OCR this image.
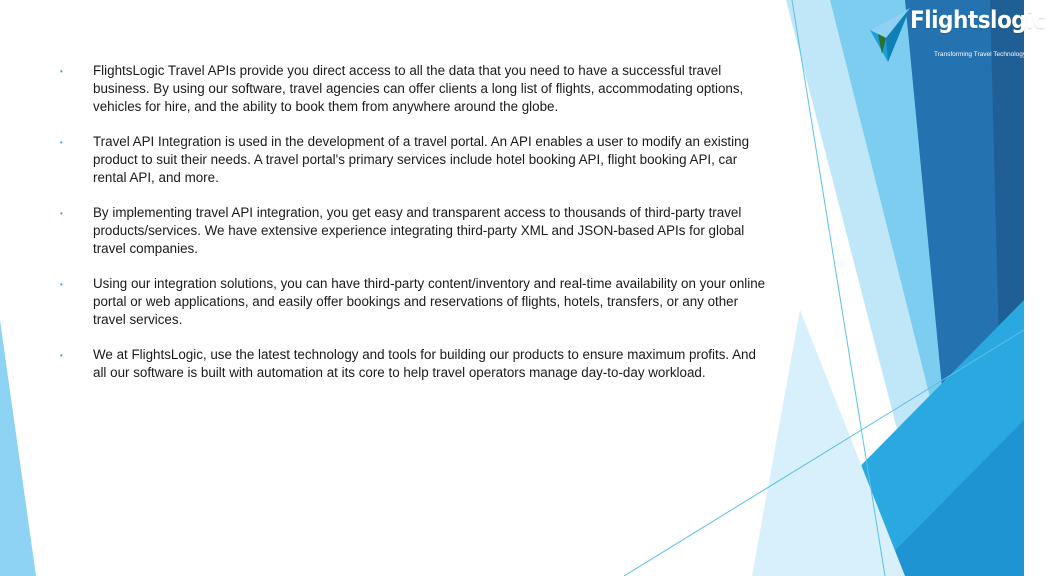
Flightslogic
Transforming Travel Technology
• FlightsLogic Travel APIs provide you direct access to all the data that you need to have a successful travel business. By using our software, travel agencies can offer clients a long list of flights, accommodating options, vehicles for hire, and the ability to book them from anywhere around the globe.
• Travel API Integration is used in the development of a travel portal. An API enables a user to modify an existing product to suit their needs. A travel portal's primary services include hotel booking API, flight booking API, car rental API, and more.
• By implementing travel API integration, you get easy and transparent access to thousands of third-party travel products/services. We have extensive experience integrating third-party XML and JSON-based APIs for global travel companies.
• Using our integration solutions, you can have third-party content/inventory and real-time availability on your online portal or web applications, and easily offer bookings and reservations of flights, hotels, transfers, or any other travel services.
• We at FlightsLogic, use the latest technology and tools for building our products to ensure maximum profits. And all our software is built with automation at its core to help travel operators manage day-to-day workload.
